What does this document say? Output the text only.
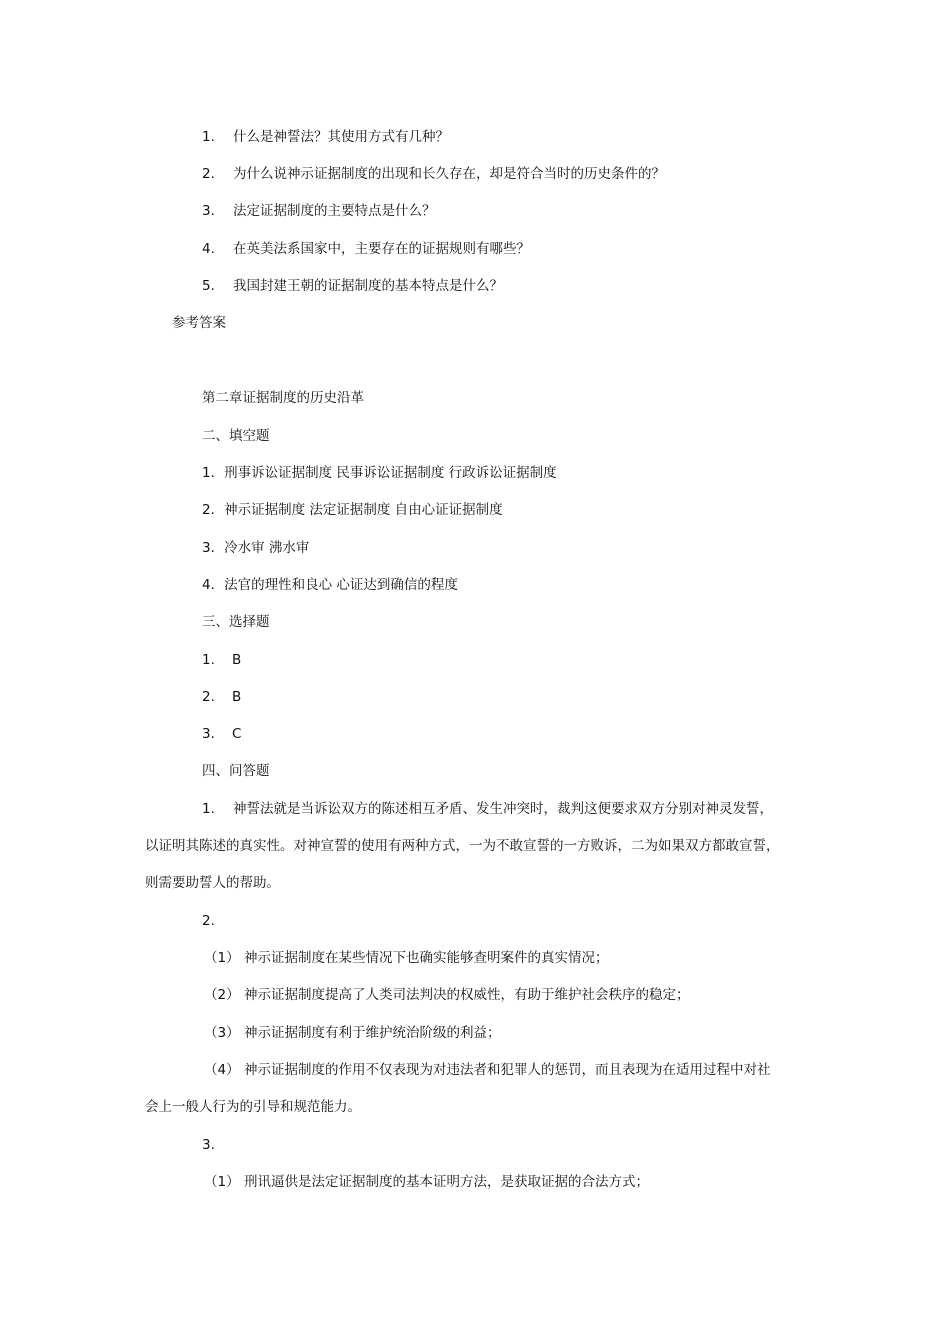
1. 什么是神誓法？其使用方式有几种？
2. 为什么说神示证据制度的出现和长久存在，却是符合当时的历史条件的？
3. 法定证据制度的主要特点是什么？
4. 在英美法系国家中，主要存在的证据规则有哪些？
5. 我国封建王朝的证据制度的基本特点是什么？
参考答案
第二章证据制度的历史沿革
二、填空题
1．刑事诉讼证据制度 民事诉讼证据制度 行政诉讼证据制度
2．神示证据制度 法定证据制度 自由心证证据制度
3．冷水审 沸水审
4．法官的理性和良心 心证达到确信的程度
三、选择题
1. B
2. B
3. C
四、问答题
1. 神誓法就是当诉讼双方的陈述相互矛盾、发生冲突时，裁判这便要求双方分别对神灵发誓，
以证明其陈述的真实性。对神宣誓的使用有两种方式，一为不敢宣誓的一方败诉，二为如果双方都敢宣誓，
则需要助誓人的帮助。
2.
（1） 神示证据制度在某些情况下也确实能够查明案件的真实情况；
（2） 神示证据制度提高了人类司法判决的权威性，有助于维护社会秩序的稳定；
（3） 神示证据制度有利于维护统治阶级的利益；
（4） 神示证据制度的作用不仅表现为对违法者和犯罪人的惩罚，而且表现为在适用过程中对社
会上一般人行为的引导和规范能力。
3.
（1） 刑讯逼供是法定证据制度的基本证明方法，是获取证据的合法方式；
